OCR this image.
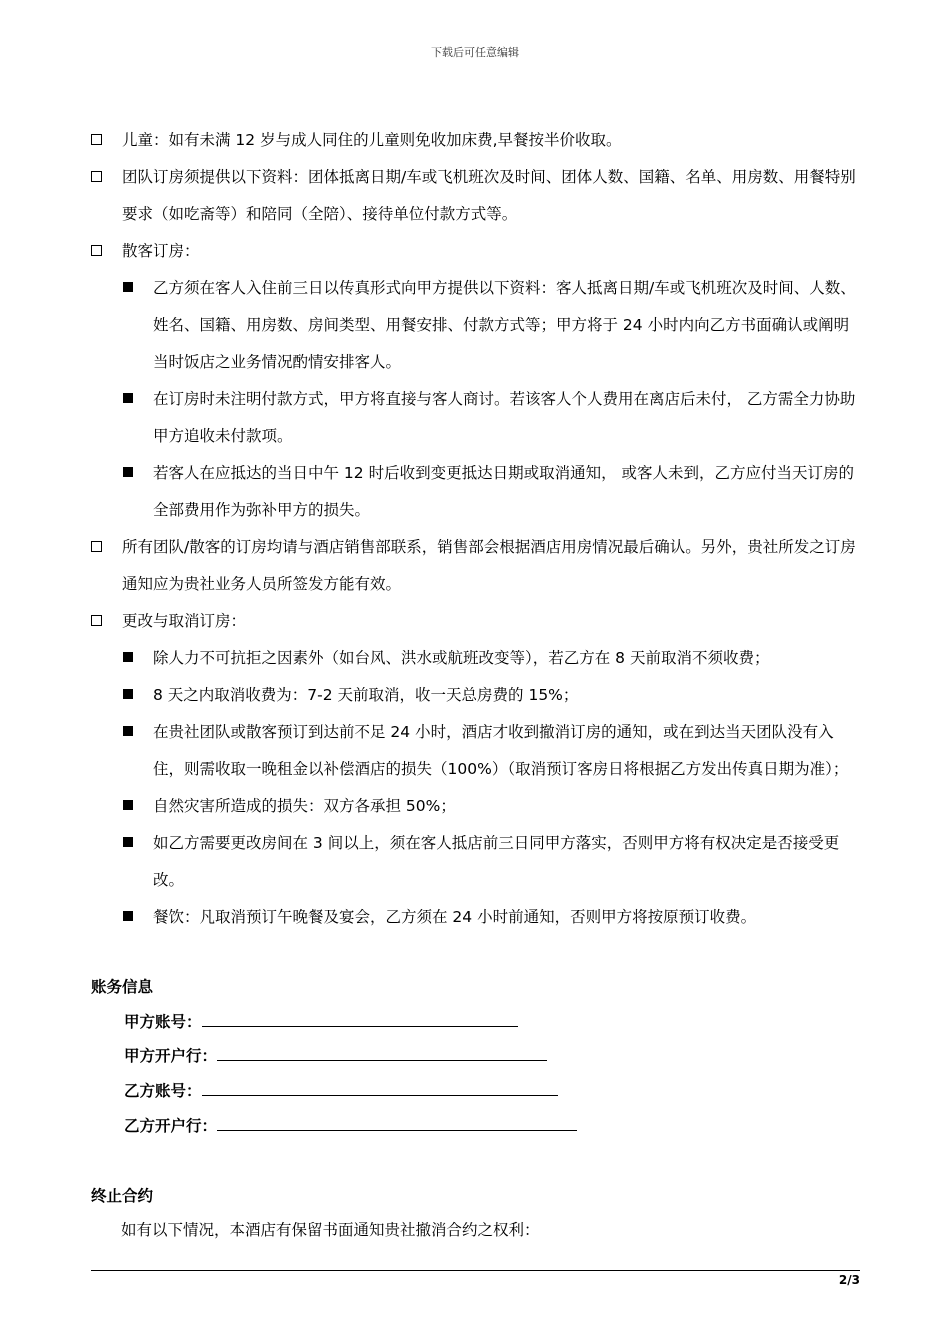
下载后可任意编辑
儿童：如有未满 12 岁与成人同住的儿童则免收加床费,早餐按半价收取。
团队订房须提供以下资料：团体抵离日期/车或飞机班次及时间、团体人数、国籍、名单、用房数、用餐特别要求（如吃斋等）和陪同（全陪）、接待单位付款方式等。
散客订房：
乙方须在客人入住前三日以传真形式向甲方提供以下资料：客人抵离日期/车或飞机班次及时间、人数、姓名、国籍、用房数、房间类型、用餐安排、付款方式等；甲方将于 24 小时内向乙方书面确认或阐明当时饭店之业务情况酌情安排客人。
在订房时未注明付款方式，甲方将直接与客人商讨。若该客人个人费用在离店后未付， 乙方需全力协助甲方追收未付款项。
若客人在应抵达的当日中午 12 时后收到变更抵达日期或取消通知， 或客人未到，乙方应付当天订房的全部费用作为弥补甲方的损失。
所有团队/散客的订房均请与酒店销售部联系，销售部会根据酒店用房情况最后确认。另外，贵社所发之订房通知应为贵社业务人员所签发方能有效。
更改与取消订房：
除人力不可抗拒之因素外（如台风、洪水或航班改变等），若乙方在 8 天前取消不须收费；
8 天之内取消收费为：7-2 天前取消，收一天总房费的 15%；
在贵社团队或散客预订到达前不足 24 小时，酒店才收到撤消订房的通知，或在到达当天团队没有入住，则需收取一晚租金以补偿酒店的损失（100%）（取消预订客房日将根据乙方发出传真日期为准）；
自然灾害所造成的损失：双方各承担 50%；
如乙方需要更改房间在 3 间以上，须在客人抵店前三日同甲方落实，否则甲方将有权决定是否接受更改。
餐饮：凡取消预订午晚餐及宴会，乙方须在 24 小时前通知，否则甲方将按原预订收费。
账务信息
甲方账号：
甲方开户行：
乙方账号：
乙方开户行：
终止合约
如有以下情况，本酒店有保留书面通知贵社撤消合约之权利：
2/3
